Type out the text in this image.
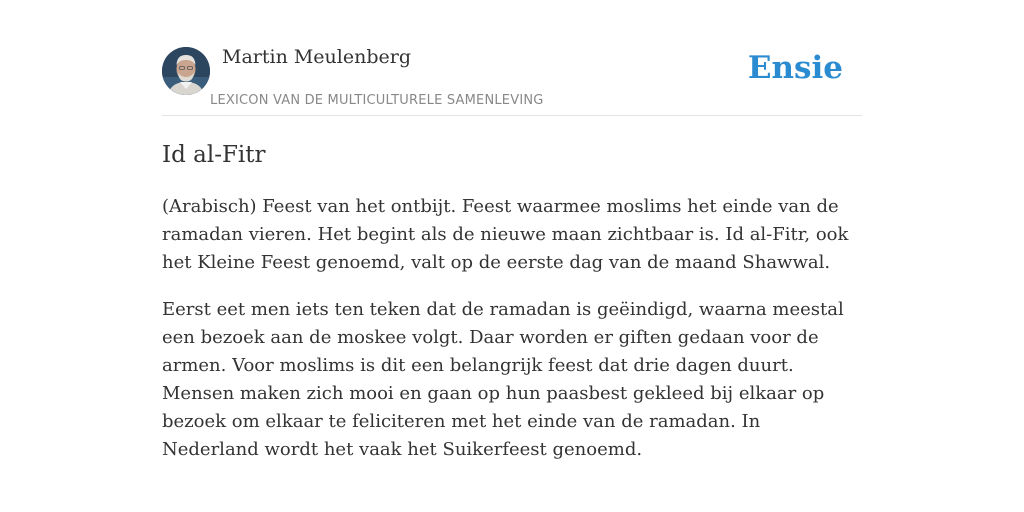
Martin Meulenberg
LEXICON VAN DE MULTICULTURELE SAMENLEVING
Ensie
Id al-Fitr

(Arabisch) Feest van het ontbijt. Feest waarmee moslims het einde van de ramadan vieren. Het begint als de nieuwe maan zichtbaar is. Id al-Fitr, ook het Kleine Feest genoemd, valt op de eerste dag van de maand Shawwal.

Eerst eet men iets ten teken dat de ramadan is geëindigd, waarna meestal een bezoek aan de moskee volgt. Daar worden er giften gedaan voor de armen. Voor moslims is dit een belangrijk feest dat drie dagen duurt. Mensen maken zich mooi en gaan op hun paasbest gekleed bij elkaar op bezoek om elkaar te feliciteren met het einde van de ramadan. In Nederland wordt het vaak het Suikerfeest genoemd.
